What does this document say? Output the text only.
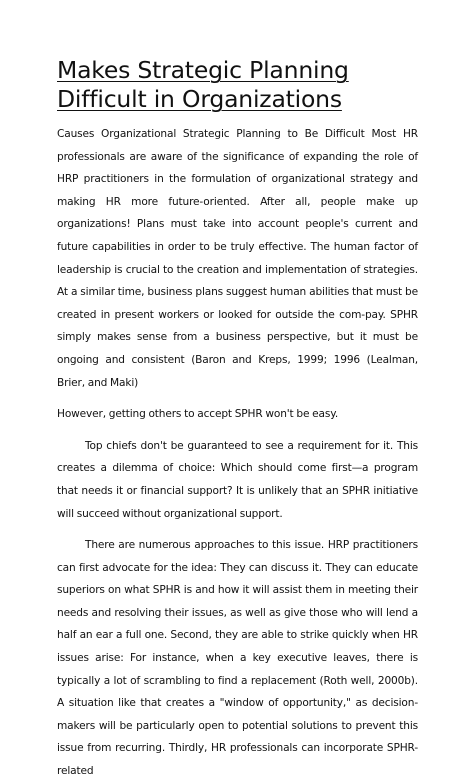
Makes Strategic Planning Difficult in Organizations

Causes Organizational Strategic Planning to Be Difficult Most HR professionals are aware of the significance of expanding the role of HRP practitioners in the formulation of organizational strategy and making HR more future-oriented. After all, people make up organizations! Plans must take into account people's current and future capabilities in order to be truly effective. The human factor of leadership is crucial to the creation and implementation of strategies. At a similar time, business plans suggest human abilities that must be created in present workers or looked for outside the com-pay. SPHR simply makes sense from a business perspective, but it must be ongoing and consistent (Baron and Kreps, 1999; 1996 (Lealman, Brier, and Maki)

However, getting others to accept SPHR won't be easy.

Top chiefs don't be guaranteed to see a requirement for it. This creates a dilemma of choice: Which should come first—a program that needs it or financial support? It is unlikely that an SPHR initiative will succeed without organizational support.

There are numerous approaches to this issue. HRP practitioners can first advocate for the idea: They can discuss it. They can educate superiors on what SPHR is and how it will assist them in meeting their needs and resolving their issues, as well as give those who will lend a half an ear a full one. Second, they are able to strike quickly when HR issues arise: For instance, when a key executive leaves, there is typically a lot of scrambling to find a replacement (Roth well, 2000b). A situation like that creates a "window of opportunity," as decision-makers will be particularly open to potential solutions to prevent this issue from recurring. Thirdly, HR professionals can incorporate SPHR-related
